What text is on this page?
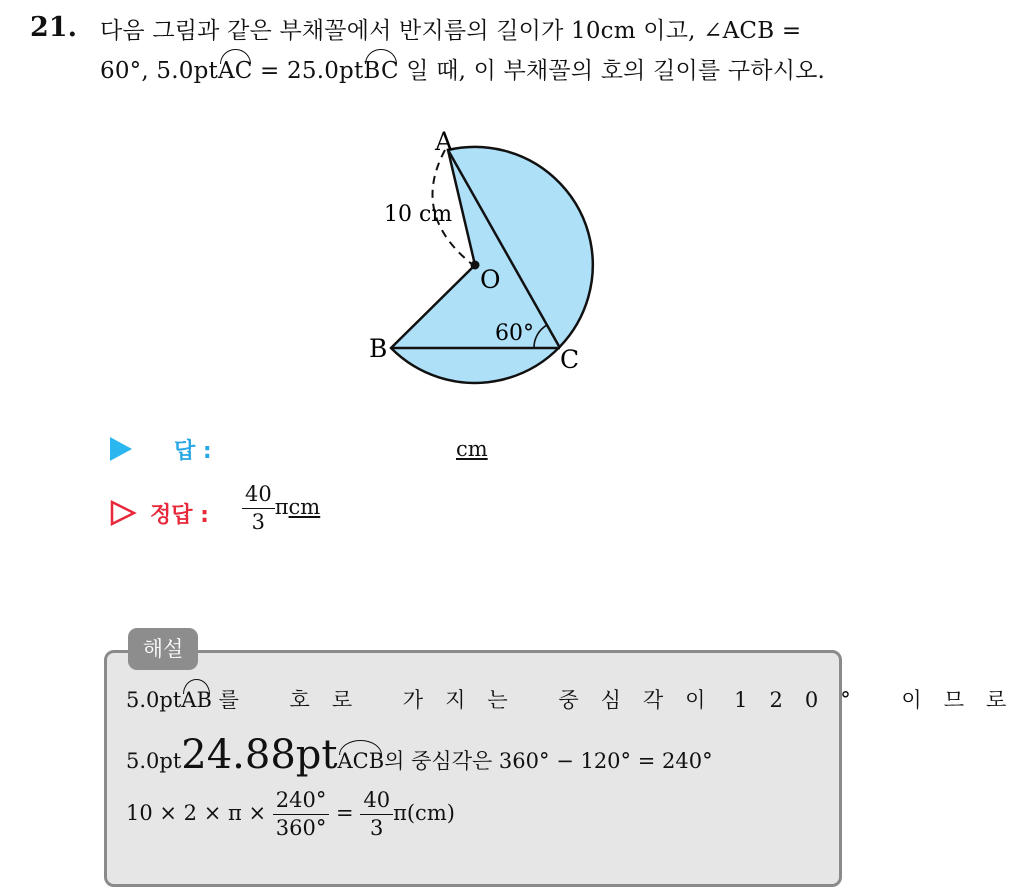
21. 다음 그림과 같은 부채꼴에서 반지름의 길이가 10cm 이고, ∠ACB =
60°, 5.0ptAC = 25.0ptBC 일 때, 이 부채꼴의 호의 길이를 구하시오.
A
O
B	C
10 cm
60°
답 :	cm
정답 : $\frac{40}{3}$ πcm
해설
5.0ptAB 를 호로 가지는 중심각이 120° 이므로
5.0pt24.88ptACB의 중심각은 360° − 120° = 240°
$10 \times 2 \times \pi \times \frac{240^\circ}{360^\circ} = \frac{40}{3} \pi(cm)$
